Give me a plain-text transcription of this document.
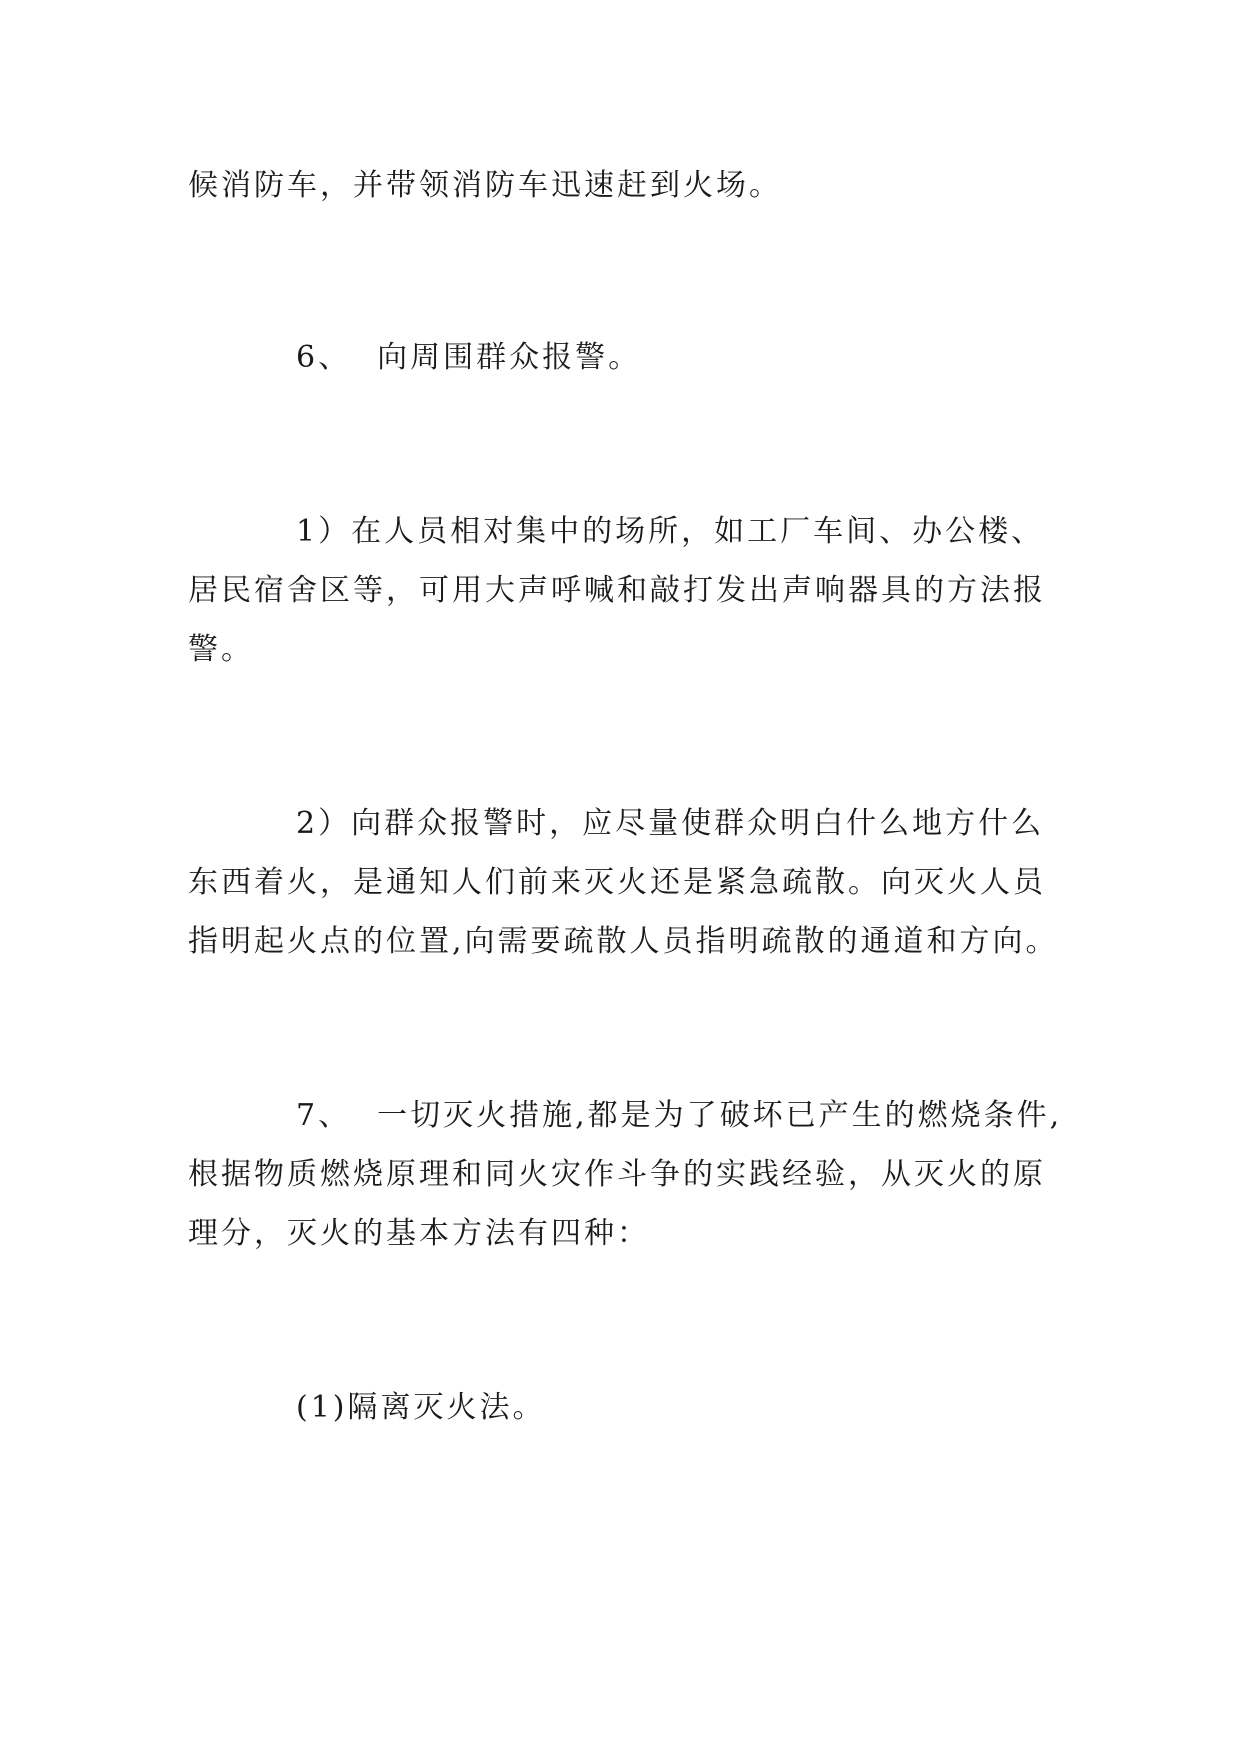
候消防车，并带领消防车迅速赶到火场。
6、 向周围群众报警。
1）在人员相对集中的场所，如工厂车间、办公楼、
居民宿舍区等，可用大声呼喊和敲打发出声响器具的方法报
警。
2）向群众报警时，应尽量使群众明白什么地方什么
东西着火，是通知人们前来灭火还是紧急疏散。向灭火人员
指明起火点的位置,向需要疏散人员指明疏散的通道和方向。
7、 一切灭火措施,都是为了破坏已产生的燃烧条件,
根据物质燃烧原理和同火灾作斗争的实践经验，从灭火的原
理分，灭火的基本方法有四种：
(1)隔离灭火法。
